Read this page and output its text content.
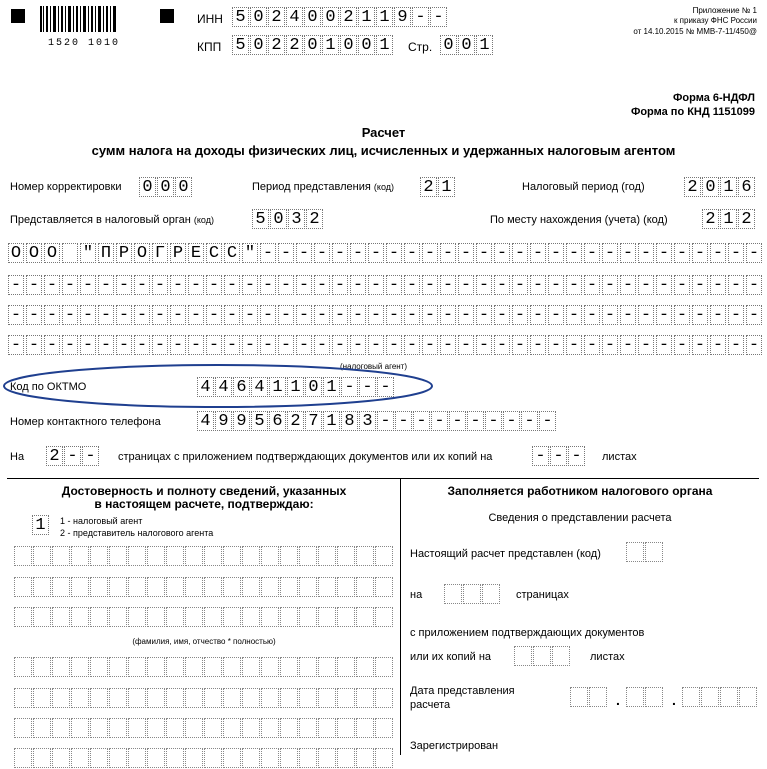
1520 1010
ИНН 5 0 2 4 0 0 2 1 1 9 - -
КПП 5 0 2 2 0 1 0 0 1 Стр. 0 0 1
Приложение № 1
к приказу ФНС России
от 14.10.2015 № ММВ-7-11/450@
Форма 6-НДФЛ
Форма по КНД 1151099
Расчет
сумм налога на доходы физических лиц, исчисленных и удержанных налоговым агентом
Номер корректировки 0 0 0	Период представления (код) 2 1	Налоговый период (год)	2 0 1 6
Представляется в налоговый орган (код) 5 0 3 2	По месту нахождения (учета) (код) 2 1 2
О О О " П Р О Г Р Е С С " - - - - - - - - - - - - - - - - - - - - - - - - - - - -
- - - - - - - - - - - - - - - - - - - - - - - - - - - - - - - - - - - - - - - - - -
- - - - - - - - - - - - - - - - - - - - - - - - - - - - - - - - - - - - - - - - - -
- - - - - - - - - - - - - - - - - - - - - - - - - - - - - - - - - - - - - - - - - -
(налоговый агент)
Код по ОКТМО	4 4 6 4 1 1 0 1 - - -
Номер контактного телефона 4 9 9 5 6 2 7 1 8 3 - - - - - - - - - -
На 2 - -	страницах с приложением подтверждающих документов или их копий на	- - -	листах
Достоверность и полноту сведений, указанных
в настоящем расчете, подтверждаю:
1	1 - налоговый агент
2 - представитель налогового агента
(фамилия, имя, отчество * полностью)
Заполняется работником налогового органа
Сведения о представлении расчета
Настоящий расчет представлен (код)
на	страницах
с приложением подтверждающих документов
или их копий на	листах
Дата представления
расчета	.	.
Зарегистрирован
